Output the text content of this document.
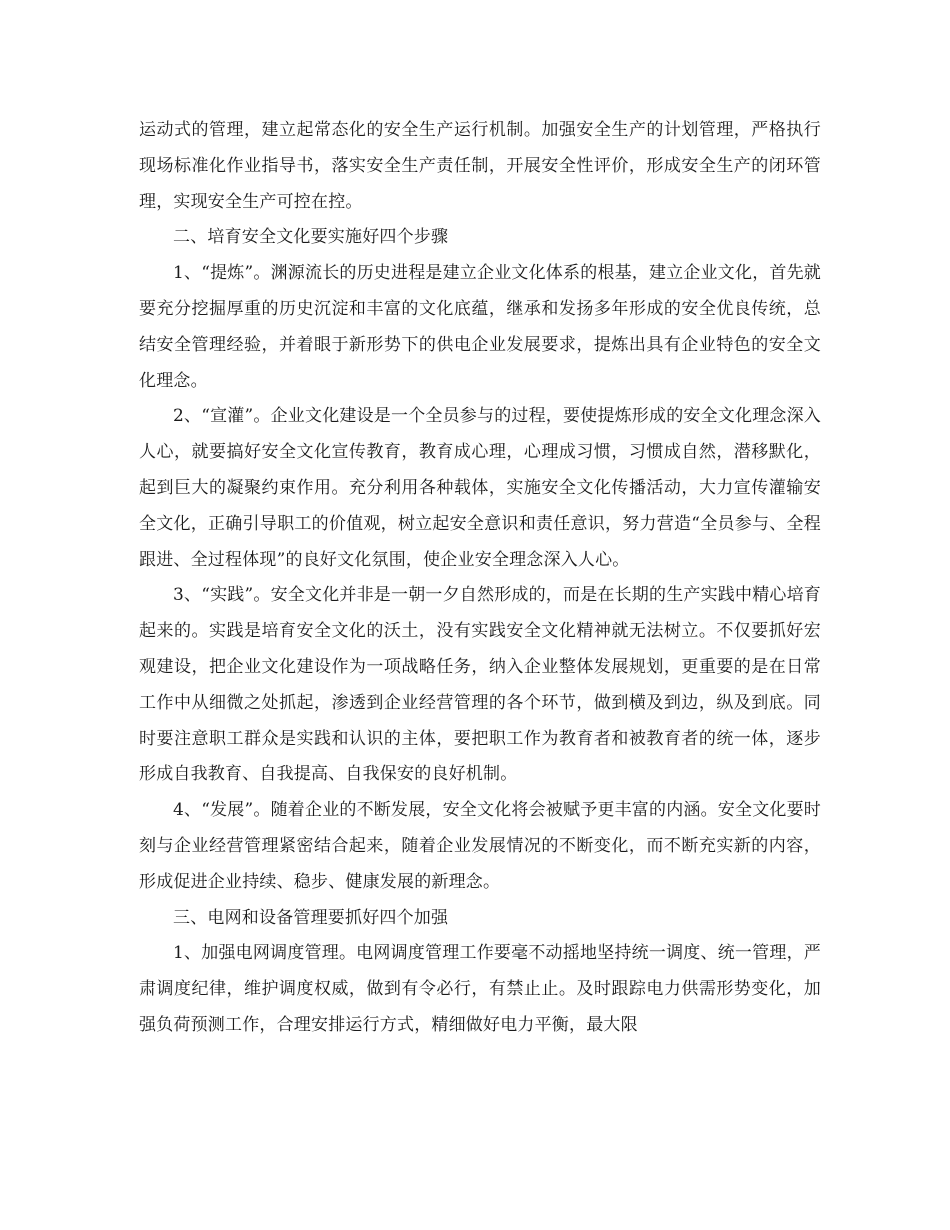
运动式的管理，建立起常态化的安全生产运行机制。加强安全生产的计划管理，严格执行现场标准化作业指导书，落实安全生产责任制，开展安全性评价，形成安全生产的闭环管理，实现安全生产可控在控。

二、培育安全文化要实施好四个步骤

1、“提炼”。渊源流长的历史进程是建立企业文化体系的根基，建立企业文化，首先就要充分挖掘厚重的历史沉淀和丰富的文化底蕴，继承和发扬多年形成的安全优良传统，总结安全管理经验，并着眼于新形势下的供电企业发展要求，提炼出具有企业特色的安全文化理念。

2、“宣灌”。企业文化建设是一个全员参与的过程，要使提炼形成的安全文化理念深入人心，就要搞好安全文化宣传教育，教育成心理，心理成习惯，习惯成自然，潜移默化，起到巨大的凝聚约束作用。充分利用各种载体，实施安全文化传播活动，大力宣传灌输安全文化，正确引导职工的价值观，树立起安全意识和责任意识，努力营造“全员参与、全程跟进、全过程体现”的良好文化氛围，使企业安全理念深入人心。

3、“实践”。安全文化并非是一朝一夕自然形成的，而是在长期的生产实践中精心培育起来的。实践是培育安全文化的沃土，没有实践安全文化精神就无法树立。不仅要抓好宏观建设，把企业文化建设作为一项战略任务，纳入企业整体发展规划，更重要的是在日常工作中从细微之处抓起，渗透到企业经营管理的各个环节，做到横及到边，纵及到底。同时要注意职工群众是实践和认识的主体，要把职工作为教育者和被教育者的统一体，逐步形成自我教育、自我提高、自我保安的良好机制。

4、“发展”。随着企业的不断发展，安全文化将会被赋予更丰富的内涵。安全文化要时刻与企业经营管理紧密结合起来，随着企业发展情况的不断变化，而不断充实新的内容，形成促进企业持续、稳步、健康发展的新理念。

三、电网和设备管理要抓好四个加强

1、加强电网调度管理。电网调度管理工作要毫不动摇地坚持统一调度、统一管理，严肃调度纪律，维护调度权威，做到有令必行，有禁止止。及时跟踪电力供需形势变化，加强负荷预测工作，合理安排运行方式，精细做好电力平衡，最大限
